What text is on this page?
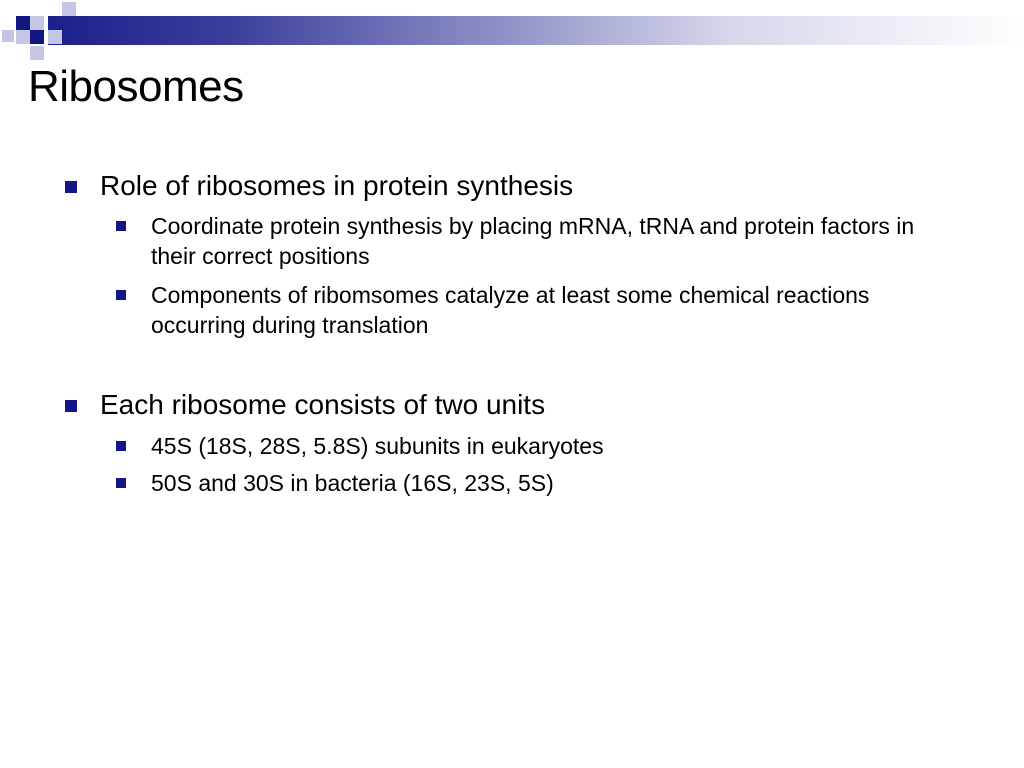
Ribosomes
Role of ribosomes in protein synthesis
Coordinate protein synthesis by placing mRNA, tRNA and protein factors in their correct positions
Components of ribomsomes catalyze at least some chemical reactions occurring during translation
Each ribosome consists of two units
45S (18S, 28S, 5.8S) subunits in eukaryotes
50S and 30S in bacteria (16S, 23S, 5S)
